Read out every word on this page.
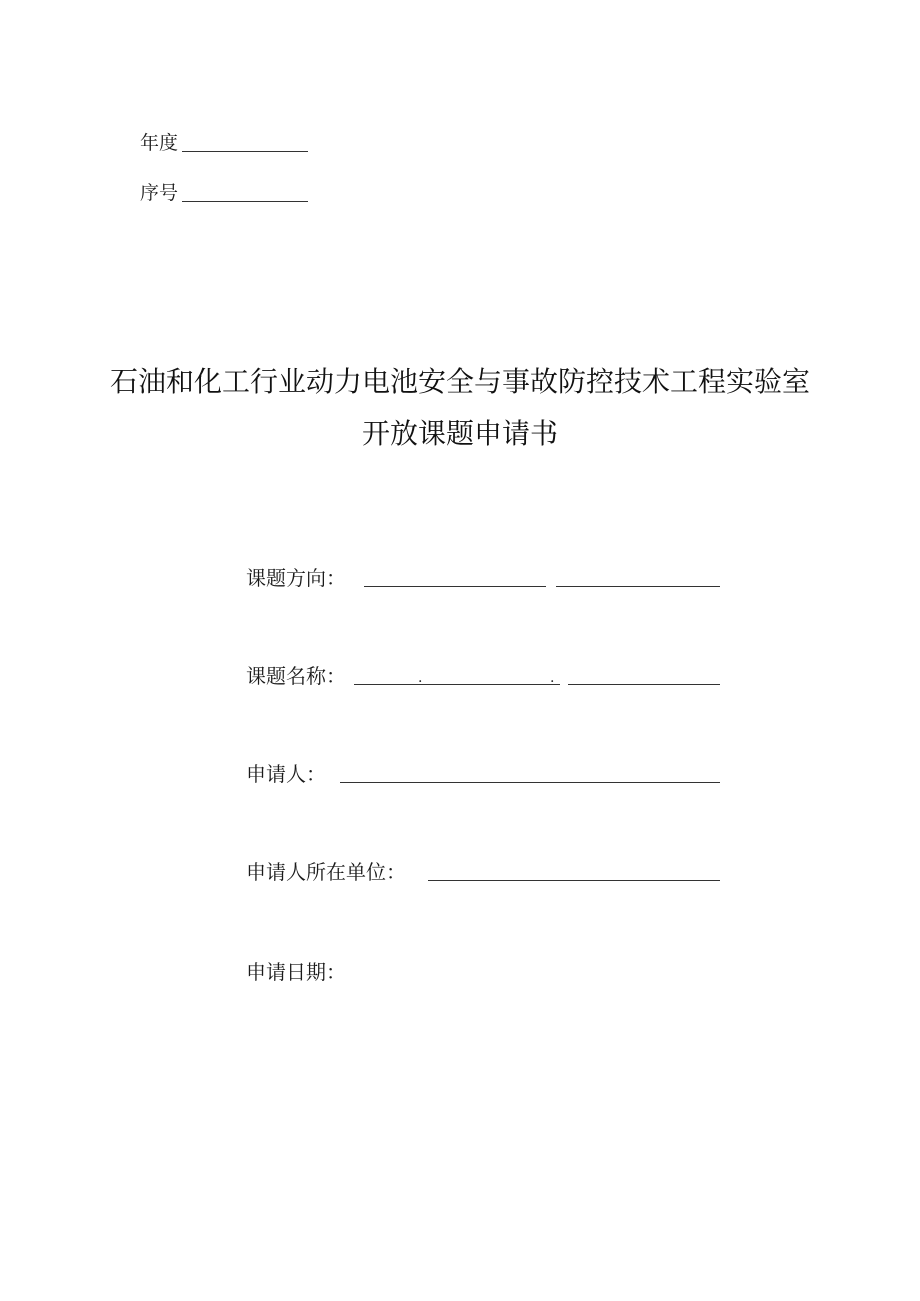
年度
序号
石油和化工行业动力电池安全与事故防控技术工程实验室
开放课题申请书
课题方向：
课题名称：	.	.
申请人：
申请人所在单位：
申请日期：
